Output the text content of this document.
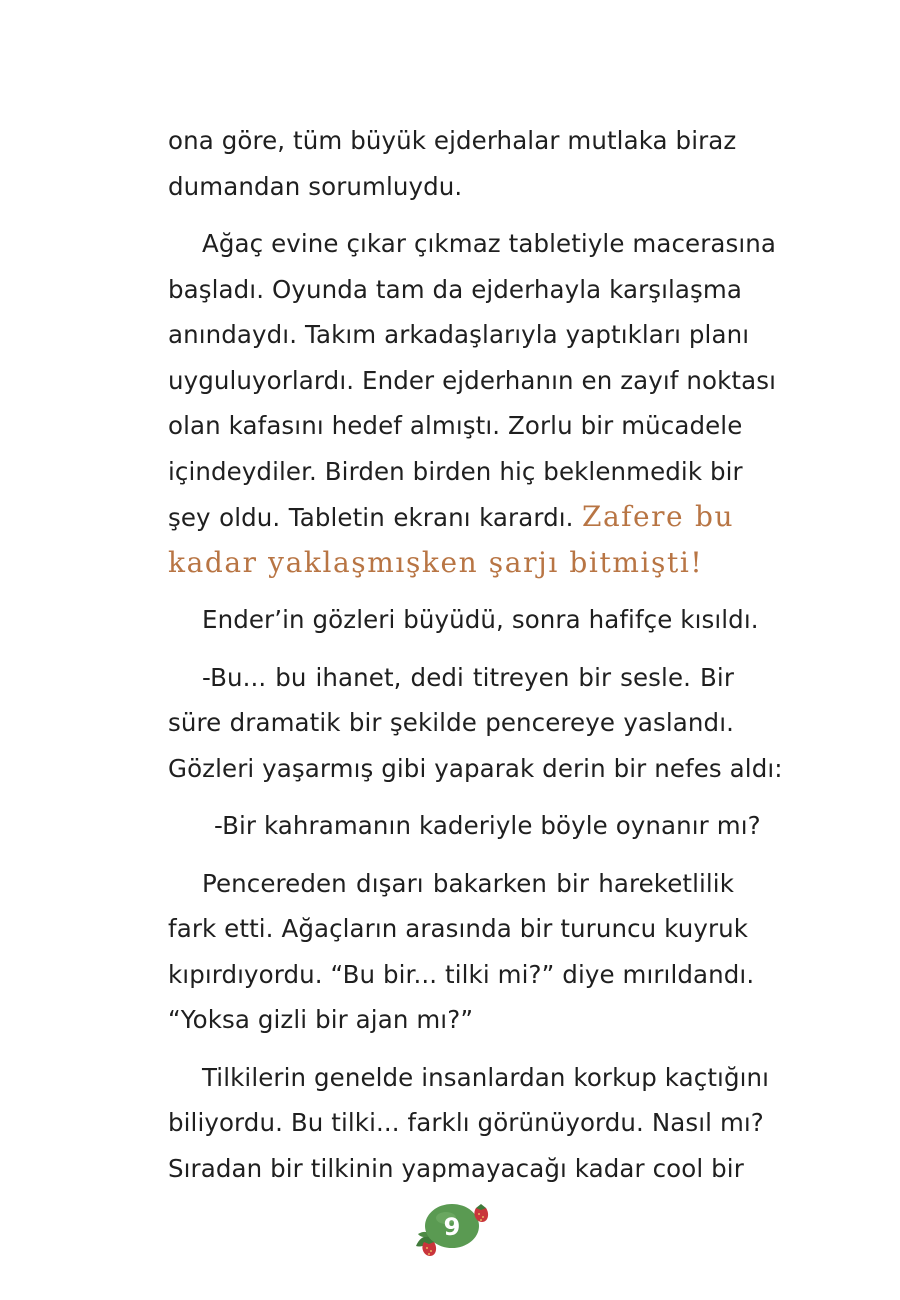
ona göre, tüm büyük ejderhalar mutlaka biraz
dumandan sorumluydu.
Ağaç evine çıkar çıkmaz tabletiyle macerasına
başladı. Oyunda tam da ejderhayla karşılaşma
anındaydı. Takım arkadaşlarıyla yaptıkları planı
uyguluyorlardı. Ender ejderhanın en zayıf noktası
olan kafasını hedef almıştı. Zorlu bir mücadele
içindeydiler. Birden birden hiç beklenmedik bir
şey oldu. Tabletin ekranı karardı. Zafere bu
kadar yaklaşmışken şarjı bitmişti!
Ender’in gözleri büyüdü, sonra hafifçe kısıldı.
-Bu... bu ihanet, dedi titreyen bir sesle. Bir
süre dramatik bir şekilde pencereye yaslandı.
Gözleri yaşarmış gibi yaparak derin bir nefes aldı:
-Bir kahramanın kaderiyle böyle oynanır mı?
Pencereden dışarı bakarken bir hareketlilik
fark etti. Ağaçların arasında bir turuncu kuyruk
kıpırdıyordu. “Bu bir... tilki mi?” diye mırıldandı.
“Yoksa gizli bir ajan mı?”
Tilkilerin genelde insanlardan korkup kaçtığını
biliyordu. Bu tilki... farklı görünüyordu. Nasıl mı?
Sıradan bir tilkinin yapmayacağı kadar cool bir
9
